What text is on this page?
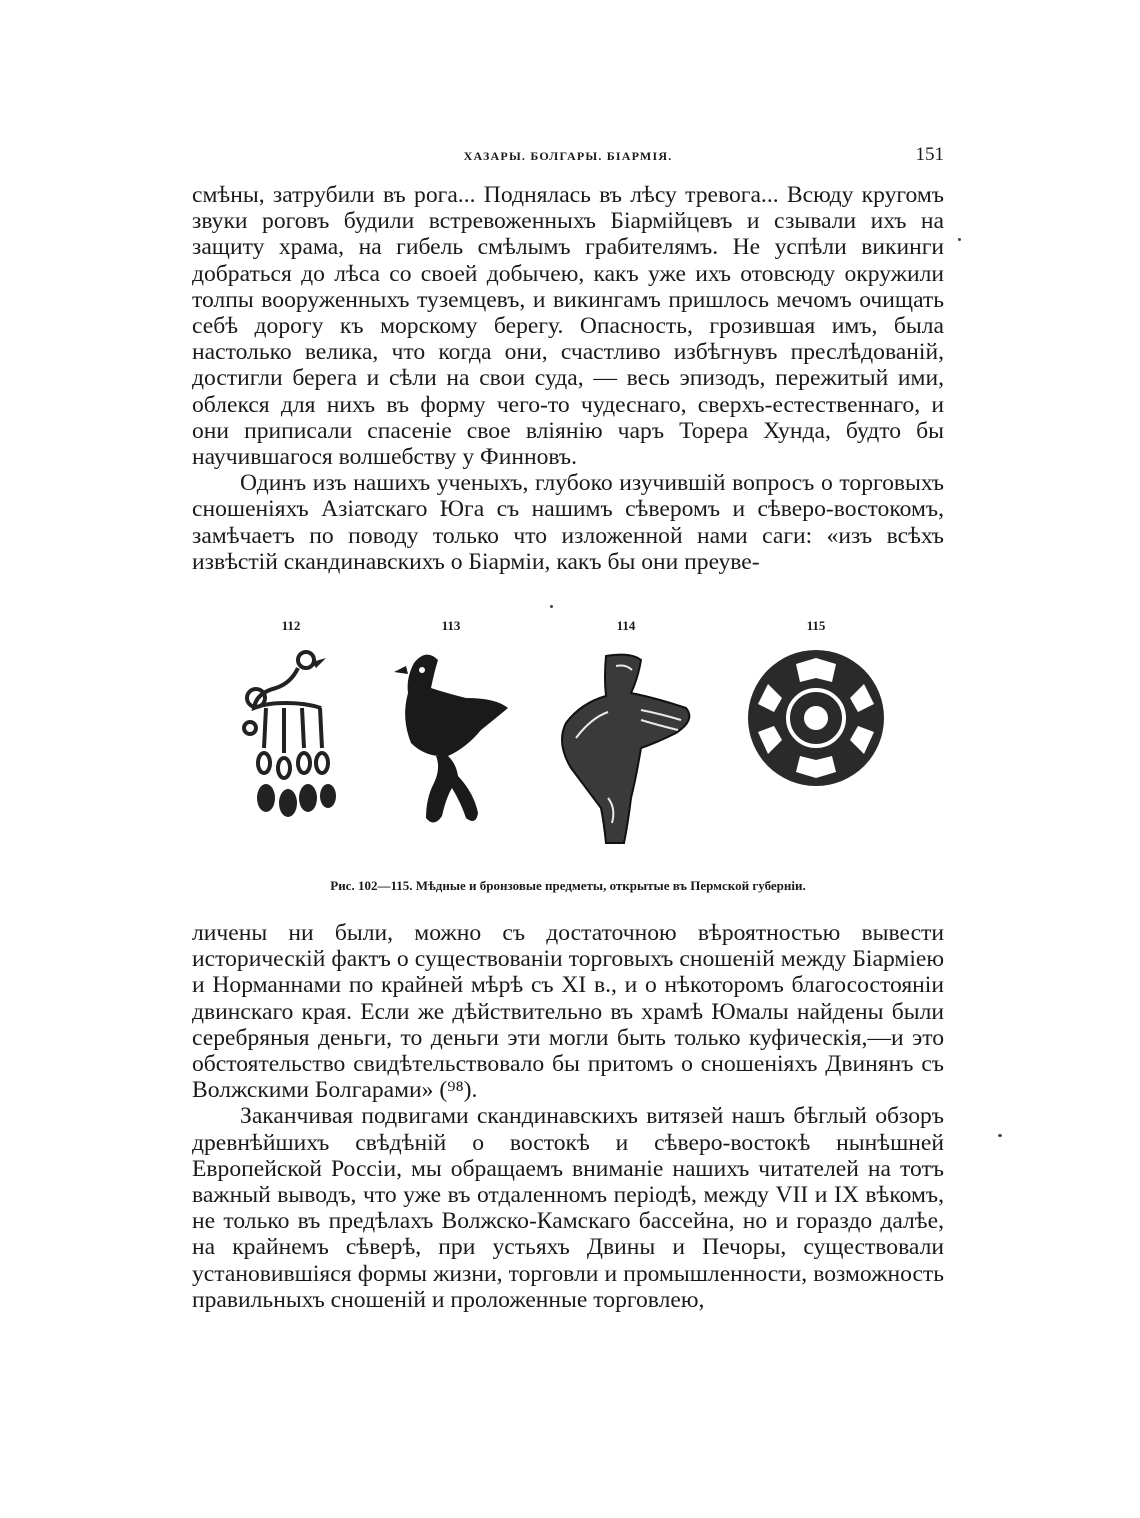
ХАЗАРЫ. БОЛГАРЫ. БІАРМІЯ.	151

смѣны, затрубили въ рога... Поднялась въ лѣсу тревога... Всюду кругомъ звуки роговъ будили встревоженныхъ Біармійцевъ и сзывали ихъ на защиту храма, на гибель смѣлымъ грабителямъ. Не успѣли викинги добраться до лѣса со своей добычею, какъ уже ихъ отовсюду окружили толпы вооруженныхъ туземцевъ, и викингамъ пришлось мечомъ очищать себѣ дорогу къ морскому берегу. Опасность, грозившая имъ, была настолько велика, что когда они, счастливо избѣгнувъ преслѣдованій, достигли берега и сѣли на свои суда, — весь эпизодъ, пережитый ими, облекся для нихъ въ форму чего-то чудеснаго, сверхъ-естественнаго, и они приписали спасеніе свое вліянію чаръ Торера Хунда, будто бы научившагося волшебству у Финновъ.

Одинъ изъ нашихъ ученыхъ, глубоко изучившій вопросъ о торговыхъ сношеніяхъ Азіатскаго Юга съ нашимъ сѣверомъ и сѣверо-востокомъ, замѣчаетъ по поводу только что изложенной нами саги: «изъ всѣхъ извѣстій скандинавскихъ о Біарміи, какъ бы они преуве-

112	113	114	115
Рис. 102—115. Мѣдные и бронзовые предметы, открытые въ Пермской губерніи.

личены ни были, можно съ достаточною вѣроятностью вывести историческій фактъ о существованіи торговыхъ сношеній между Біарміею и Норманнами по крайней мѣрѣ съ XI в., и о нѣкоторомъ благосостояніи двинскаго края. Если же дѣйствительно въ храмѣ Юмалы найдены были серебряныя деньги, то деньги эти могли быть только куфическія,—и это обстоятельство свидѣтельствовало бы притомъ о сношеніяхъ Двинянъ съ Волжскими Болгарами» (⁹⁸).

Заканчивая подвигами скандинавскихъ витязей нашъ бѣглый обзоръ древнѣйшихъ свѣдѣній о востокѣ и сѣверо-востокѣ нынѣшней Европейской Россіи, мы обращаемъ вниманіе нашихъ читателей на тотъ важный выводъ, что уже въ отдаленномъ періодѣ, между VII и IX вѣкомъ, не только въ предѣлахъ Волжско-Камскаго бассейна, но и гораздо далѣе, на крайнемъ сѣверѣ, при устьяхъ Двины и Печоры, существовали установившіяся формы жизни, торговли и промышленности, возможность правильныхъ сношеній и проложенные торговлею,
